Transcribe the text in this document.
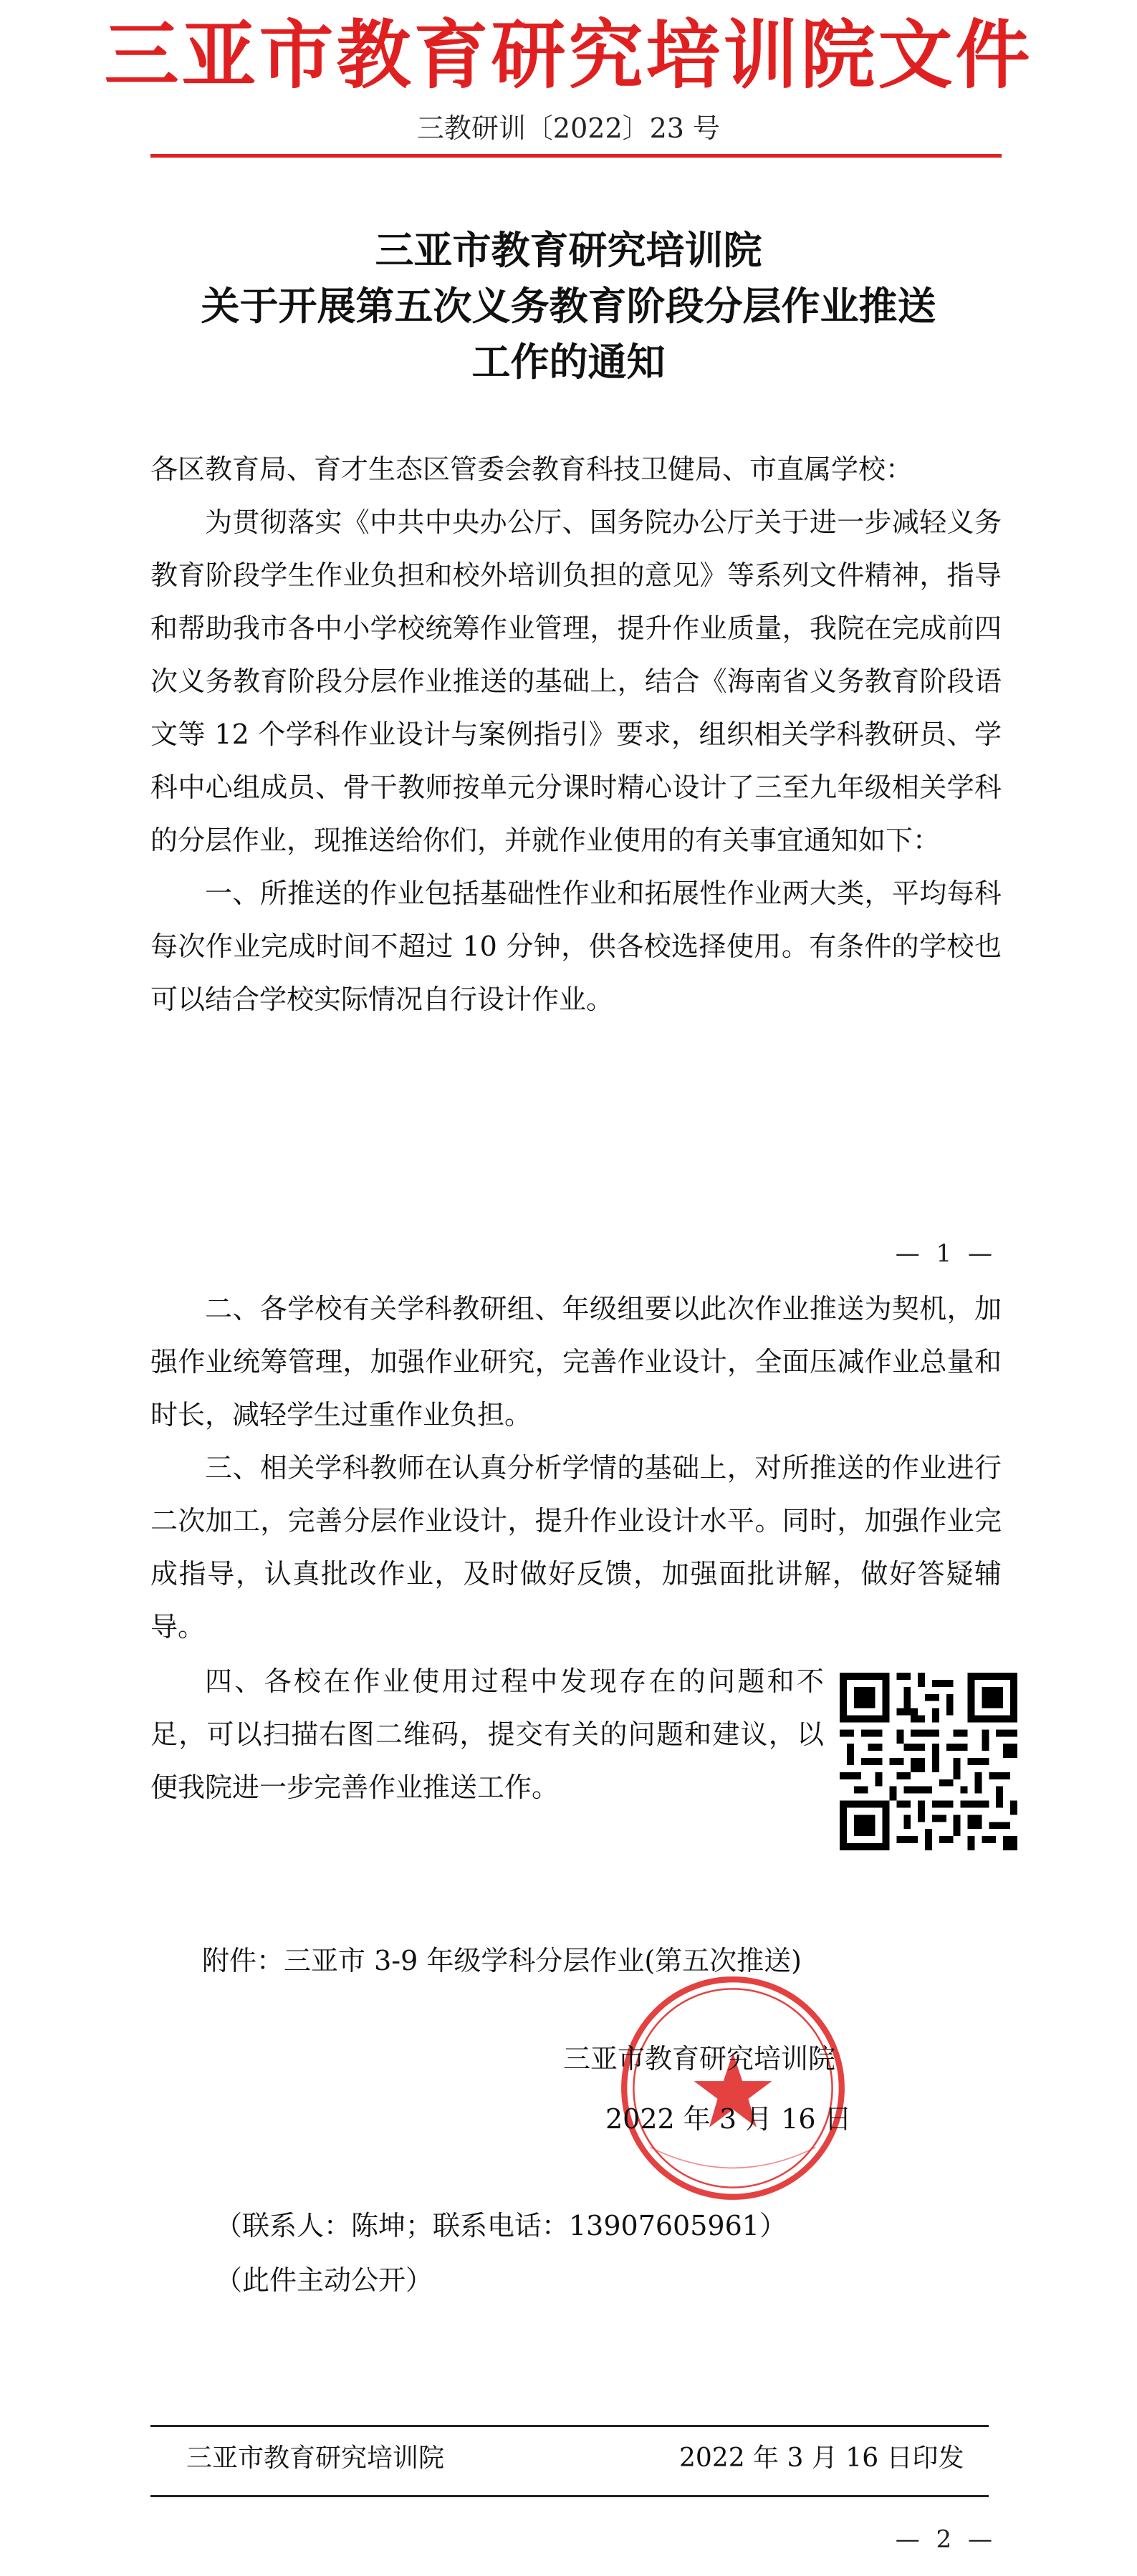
三亚市教育研究培训院文件
三教研训〔2022〕23 号
三亚市教育研究培训院
关于开展第五次义务教育阶段分层作业推送
工作的通知

各区教育局、育才生态区管委会教育科技卫健局、市直属学校：

为贯彻落实《中共中央办公厅、国务院办公厅关于进一步减轻义务教育阶段学生作业负担和校外培训负担的意见》等系列文件精神，指导和帮助我市各中小学校统筹作业管理，提升作业质量，我院在完成前四次义务教育阶段分层作业推送的基础上，结合《海南省义务教育阶段语文等 12 个学科作业设计与案例指引》要求，组织相关学科教研员、学科中心组成员、骨干教师按单元分课时精心设计了三至九年级相关学科的分层作业，现推送给你们，并就作业使用的有关事宜通知如下：

一、所推送的作业包括基础性作业和拓展性作业两大类，平均每科每次作业完成时间不超过 10 分钟，供各校选择使用。有条件的学校也可以结合学校实际情况自行设计作业。

— 1 —

二、各学校有关学科教研组、年级组要以此次作业推送为契机，加强作业统筹管理，加强作业研究，完善作业设计，全面压减作业总量和时长，减轻学生过重作业负担。

三、相关学科教师在认真分析学情的基础上，对所推送的作业进行二次加工，完善分层作业设计，提升作业设计水平。同时，加强作业完成指导，认真批改作业，及时做好反馈，加强面批讲解，做好答疑辅导。

四、各校在作业使用过程中发现存在的问题和不足，可以扫描右图二维码，提交有关的问题和建议，以便我院进一步完善作业推送工作。

附件：三亚市 3-9 年级学科分层作业(第五次推送)
三亚市教育研究培训院
2022 年 3 月 16 日
（联系人：陈坤；联系电话：13907605961）
（此件主动公开）
三亚市教育研究培训院	2022 年 3 月 16 日印发
— 2 —
